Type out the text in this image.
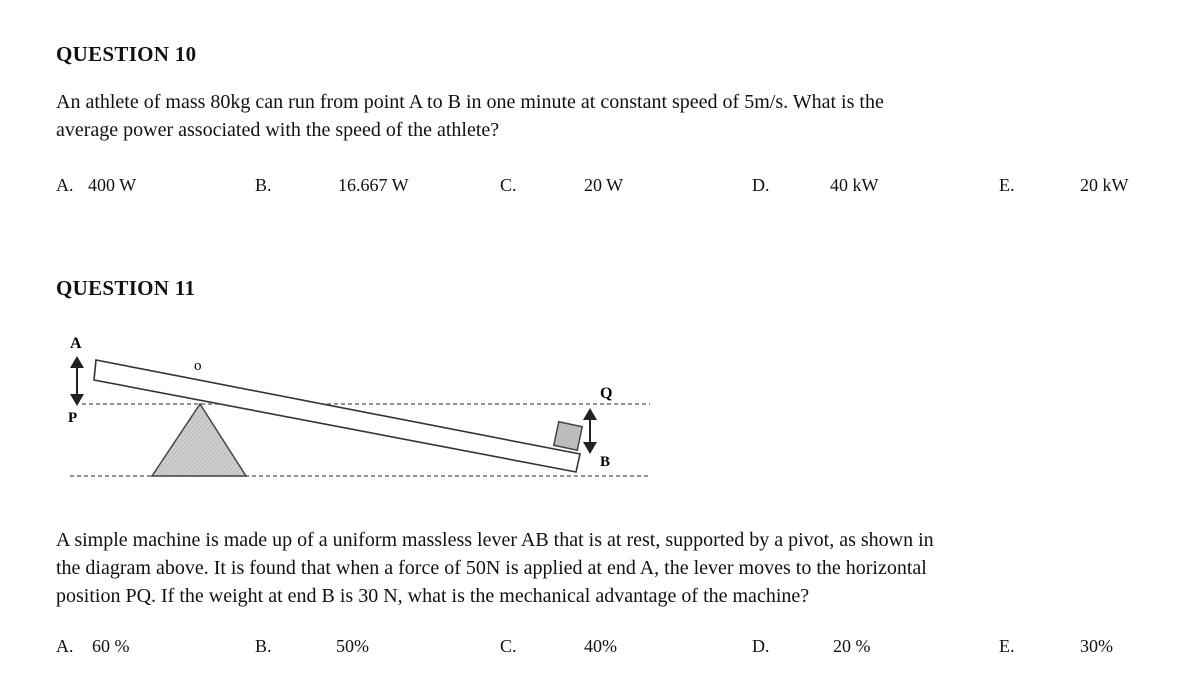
QUESTION 10
An athlete of mass 80kg can run from point A to B in one minute at constant speed of 5m/s. What is the
average power associated with the speed of the athlete?
A. 400 W	B.	16.667 W	C.	20 W	D.	40 kW	E.	20 kW
QUESTION 11
A
o
P
Q
B
A simple machine is made up of a uniform massless lever AB that is at rest, supported by a pivot, as shown in
the diagram above. It is found that when a force of 50N is applied at end A, the lever moves to the horizontal
position PQ. If the weight at end B is 30 N, what is the mechanical advantage of the machine?
A. 60 %	B.	50%	C.	40%	D.	20 %	E.	30%
